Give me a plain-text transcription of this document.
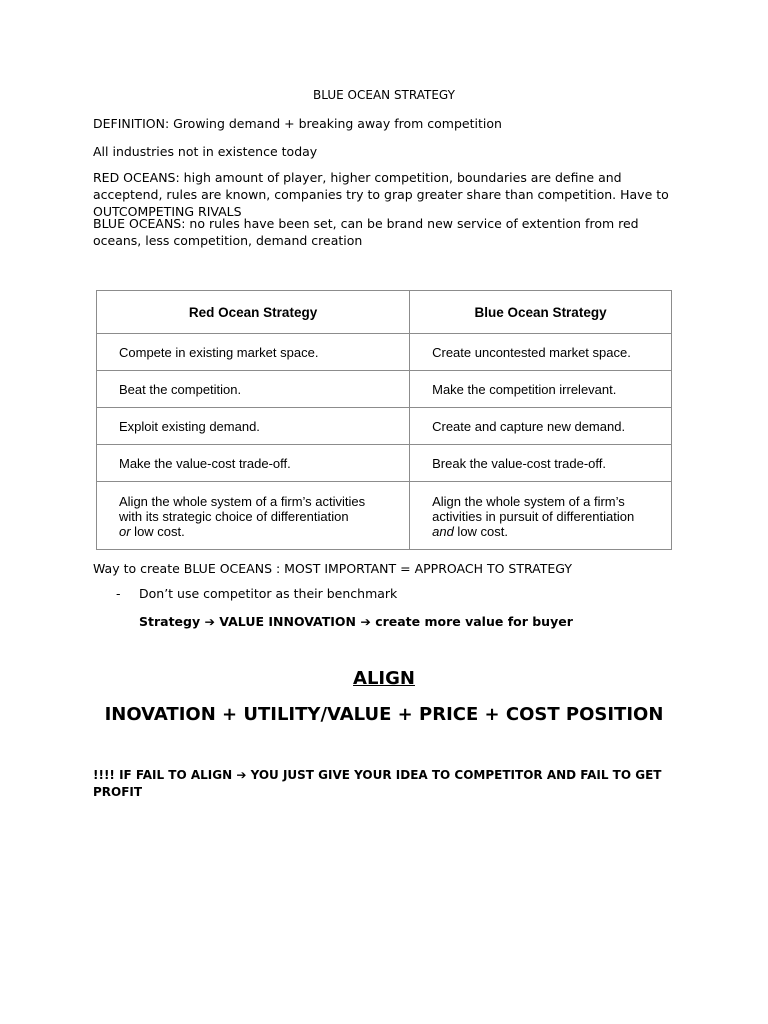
BLUE OCEAN STRATEGY

DEFINITION: Growing demand + breaking away from competition

All industries not in existence today

RED OCEANS: high amount of player, higher competition, boundaries are define and acceptend, rules are known, companies try to grap greater share than competition. Have to OUTCOMPETING RIVALS

BLUE OCEANS: no rules have been set, can be brand new service of extention from red oceans, less competition, demand creation

Red Ocean Strategy	Blue Ocean Strategy
Compete in existing market space.	Create uncontested market space.
Beat the competition.	Make the competition irrelevant.
Exploit existing demand.	Create and capture new demand.
Make the value-cost trade-off.	Break the value-cost trade-off.
Align the whole system of a firm’s activities
with its strategic choice of differentiation
or low cost.	Align the whole system of a firm’s
activities in pursuit of differentiation
and low cost.

Way to create BLUE OCEANS : MOST IMPORTANT = APPROACH TO STRATEGY

- Don’t use competitor as their benchmark
Strategy ➔ VALUE INNOVATION ➔ create more value for buyer
ALIGN
INOVATION + UTILITY/VALUE + PRICE + COST POSITION

!!!! IF FAIL TO ALIGN ➔ YOU JUST GIVE YOUR IDEA TO COMPETITOR AND FAIL TO GET PROFIT
